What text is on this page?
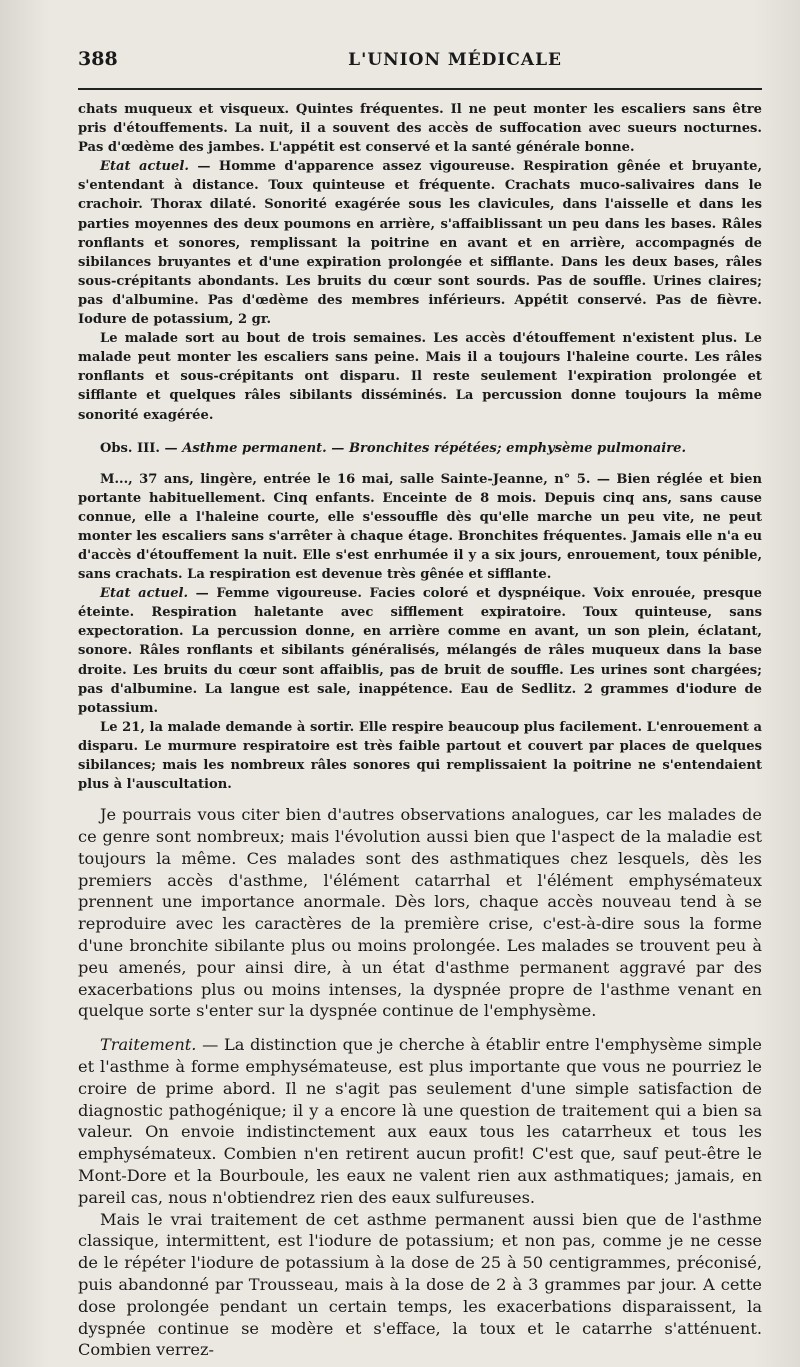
388	L'UNION MÉDICALE

chats muqueux et visqueux. Quintes fréquentes. Il ne peut monter les escaliers sans être pris d'étouffements. La nuit, il a souvent des accès de suffocation avec sueurs nocturnes. Pas d'œdème des jambes. L'appétit est conservé et la santé générale bonne.

Etat actuel. — Homme d'apparence assez vigoureuse. Respiration gênée et bruyante, s'entendant à distance. Toux quinteuse et fréquente. Crachats muco-salivaires dans le crachoir. Thorax dilaté. Sonorité exagérée sous les clavicules, dans l'aisselle et dans les parties moyennes des deux poumons en arrière, s'affaiblissant un peu dans les bases. Râles ronflants et sonores, remplissant la poitrine en avant et en arrière, accompagnés de sibilances bruyantes et d'une expiration prolongée et sifflante. Dans les deux bases, râles sous-crépitants abondants. Les bruits du cœur sont sourds. Pas de souffle. Urines claires; pas d'albumine. Pas d'œdème des membres inférieurs. Appétit conservé. Pas de fièvre. Iodure de potassium, 2 gr.

Le malade sort au bout de trois semaines. Les accès d'étouffement n'existent plus. Le malade peut monter les escaliers sans peine. Mais il a toujours l'haleine courte. Les râles ronflants et sous-crépitants ont disparu. Il reste seulement l'expiration prolongée et sifflante et quelques râles sibilants disséminés. La percussion donne toujours la même sonorité exagérée.

Obs. III. — Asthme permanent. — Bronchites répétées; emphysème pulmonaire.

M..., 37 ans, lingère, entrée le 16 mai, salle Sainte-Jeanne, n° 5. — Bien réglée et bien portante habituellement. Cinq enfants. Enceinte de 8 mois. Depuis cinq ans, sans cause connue, elle a l'haleine courte, elle s'essouffle dès qu'elle marche un peu vite, ne peut monter les escaliers sans s'arrêter à chaque étage. Bronchites fréquentes. Jamais elle n'a eu d'accès d'étouffement la nuit. Elle s'est enrhumée il y a six jours, enrouement, toux pénible, sans crachats. La respiration est devenue très gênée et sifflante.

Etat actuel. — Femme vigoureuse. Facies coloré et dyspnéique. Voix enrouée, presque éteinte. Respiration haletante avec sifflement expiratoire. Toux quinteuse, sans expectoration. La percussion donne, en arrière comme en avant, un son plein, éclatant, sonore. Râles ronflants et sibilants généralisés, mélangés de râles muqueux dans la base droite. Les bruits du cœur sont affaiblis, pas de bruit de souffle. Les urines sont chargées; pas d'albumine. La langue est sale, inappétence. Eau de Sedlitz. 2 grammes d'iodure de potassium.

Le 21, la malade demande à sortir. Elle respire beaucoup plus facilement. L'enrouement a disparu. Le murmure respiratoire est très faible partout et couvert par places de quelques sibilances; mais les nombreux râles sonores qui remplissaient la poitrine ne s'entendaient plus à l'auscultation.

Je pourrais vous citer bien d'autres observations analogues, car les malades de ce genre sont nombreux; mais l'évolution aussi bien que l'aspect de la maladie est toujours la même. Ces malades sont des asthmatiques chez lesquels, dès les premiers accès d'asthme, l'élément catarrhal et l'élément emphysémateux prennent une importance anormale. Dès lors, chaque accès nouveau tend à se reproduire avec les caractères de la première crise, c'est-à-dire sous la forme d'une bronchite sibilante plus ou moins prolongée. Les malades se trouvent peu à peu amenés, pour ainsi dire, à un état d'asthme permanent aggravé par des exacerbations plus ou moins intenses, la dyspnée propre de l'asthme venant en quelque sorte s'enter sur la dyspnée continue de l'emphysème.

Traitement. — La distinction que je cherche à établir entre l'emphysème simple et l'asthme à forme emphysémateuse, est plus importante que vous ne pourriez le croire de prime abord. Il ne s'agit pas seulement d'une simple satisfaction de diagnostic pathogénique; il y a encore là une question de traitement qui a bien sa valeur. On envoie indistinctement aux eaux tous les catarrheux et tous les emphysémateux. Combien n'en retirent aucun profit! C'est que, sauf peut-être le Mont-Dore et la Bourboule, les eaux ne valent rien aux asthmatiques; jamais, en pareil cas, nous n'obtiendrez rien des eaux sulfureuses.

Mais le vrai traitement de cet asthme permanent aussi bien que de l'asthme classique, intermittent, est l'iodure de potassium; et non pas, comme je ne cesse de le répéter l'iodure de potassium à la dose de 25 à 50 centigrammes, préconisé, puis abandonné par Trousseau, mais à la dose de 2 à 3 grammes par jour. A cette dose prolongée pendant un certain temps, les exacerbations disparaissent, la dyspnée continue se modère et s'efface, la toux et le catarrhe s'atténuent. Combien verrez-
